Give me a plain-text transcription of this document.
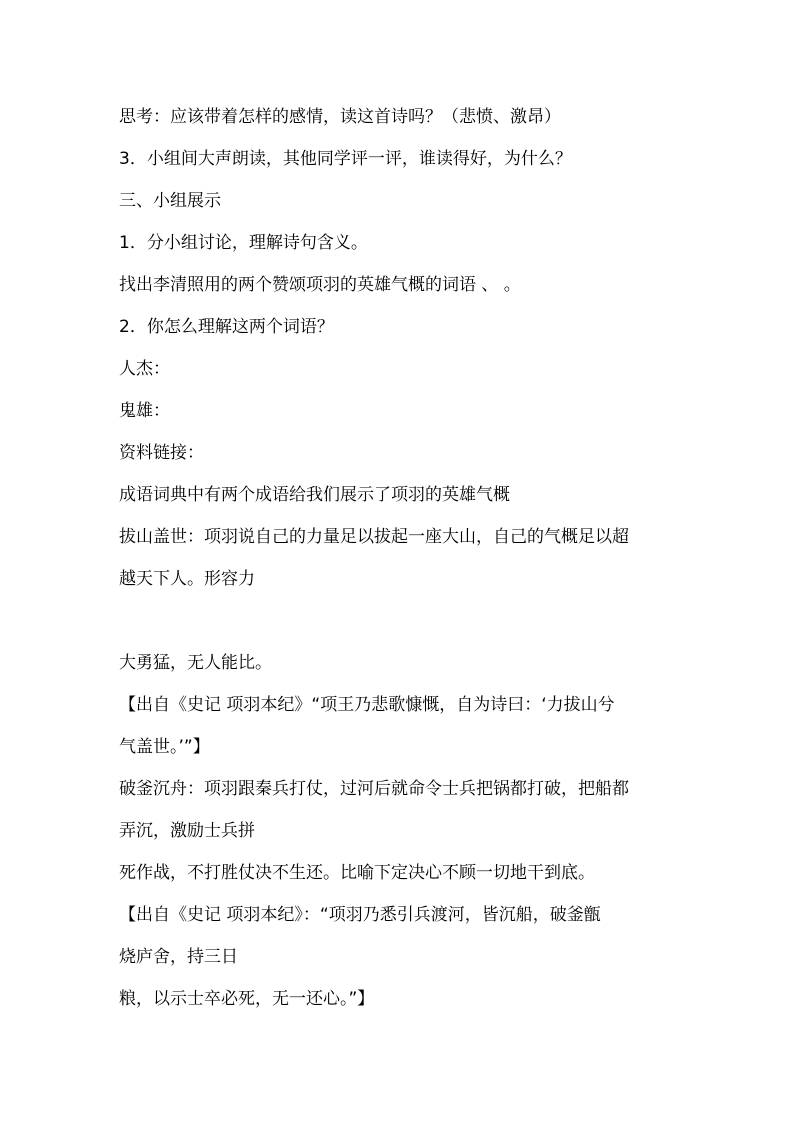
思考：应该带着怎样的感情，读这首诗吗？（悲愤、激昂）
3．小组间大声朗读，其他同学评一评，谁读得好，为什么？
三、小组展示
1．分小组讨论，理解诗句含义。
找出李清照用的两个赞颂项羽的英雄气概的词语 、 。
2．你怎么理解这两个词语？
人杰：
鬼雄：
资料链接：
成语词典中有两个成语给我们展示了项羽的英雄气概
拔山盖世：项羽说自己的力量足以拔起一座大山，自己的气概足以超
越天下人。形容力
大勇猛，无人能比。
【出自《史记 项羽本纪》“项王乃悲歌慷慨，自为诗曰：‘力拔山兮
气盖世。’”】
破釜沉舟：项羽跟秦兵打仗，过河后就命令士兵把锅都打破，把船都
弄沉，激励士兵拼
死作战，不打胜仗决不生还。比喻下定决心不顾一切地干到底。
【出自《史记 项羽本纪》：“项羽乃悉引兵渡河，皆沉船，破釜甑
烧庐舍，持三日
粮，以示士卒必死，无一还心。”】
